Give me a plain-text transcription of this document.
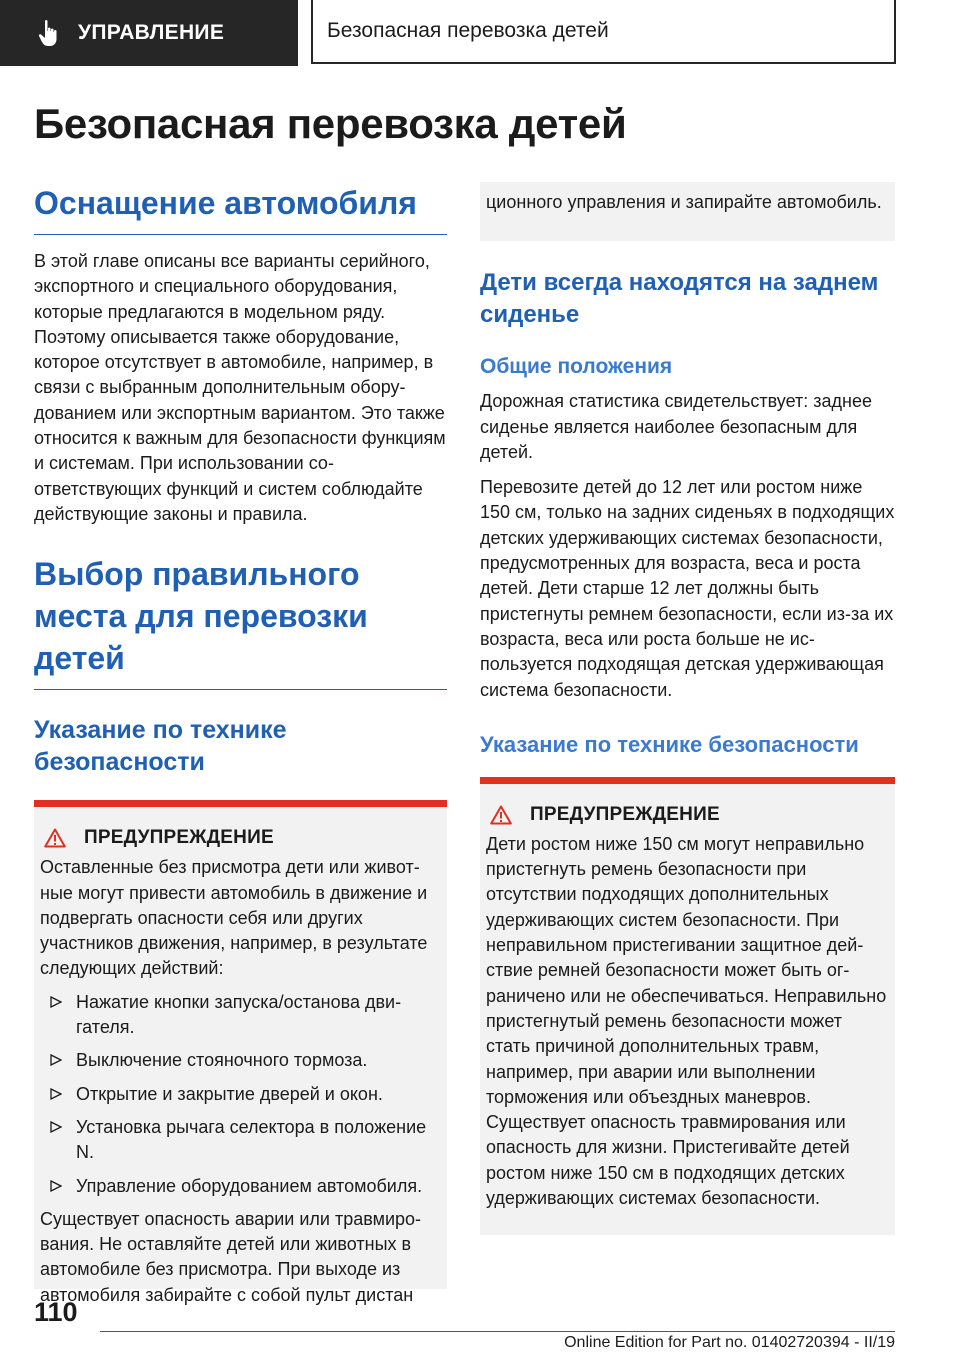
УПРАВЛЕНИЕ	Безопасная перевозка детей
Безопасная перевозка детей
Оснащение автомобиля

В этой главе описаны все варианты серийного, экспортного и специального оборудования, которые предлагаются в модельном ряду. Поэтому описывается также оборудование, которое отсутствует в автомобиле, например, в связи с выбранным дополнительным оборудованием или экспортным вариантом. Это также относится к важным для безопасности функциям и системам. При использовании соответствующих функций и систем соблюдайте действующие законы и правила.

Выбор правильного места для перевозки детей
Указание по технике безопасности
ПРЕДУПРЕЖДЕНИЕ

Оставленные без присмотра дети или животные могут привести автомобиль в движение и подвергать опасности себя или других участников движения, например, в результате следующих действий:

Нажатие кнопки запуска/останова двигателя.
Выключение стояночного тормоза.
Открытие и закрытие дверей и окон.
Установка рычага селектора в положение N.
Управление оборудованием автомобиля.

Существует опасность аварии или травмирования. Не оставляйте детей или животных в автомобиле без присмотра. При выходе из автомобиля забирайте с собой пульт дистан

ционного управления и запирайте автомобиль.

Дети всегда находятся на заднем сиденье
Общие положения

Дорожная статистика свидетельствует: заднее сиденье является наиболее безопасным для детей.

Перевозите детей до 12 лет или ростом ниже 150 см, только на задних сиденьях в подходящих детских удерживающих системах безопасности, предусмотренных для возраста, веса и роста детей. Дети старше 12 лет должны быть пристегнуты ремнем безопасности, если из-за их возраста, веса или роста больше не используется подходящая детская удерживающая система безопасности.

Указание по технике безопасности
ПРЕДУПРЕЖДЕНИЕ

Дети ростом ниже 150 см могут неправильно пристегнуть ремень безопасности при отсутствии подходящих дополнительных удерживающих систем безопасности. При неправильном пристегивании защитное действие ремней безопасности может быть ограничено или не обеспечиваться. Неправильно пристегнутый ремень безопасности может стать причиной дополнительных травм, например, при аварии или выполнении торможения или объездных маневров. Существует опасность травмирования или опасность для жизни. Пристегивайте детей ростом ниже 150 см в подходящих детских удерживающих системах безопасности.

110
Online Edition for Part no. 01402720394 - II/19
